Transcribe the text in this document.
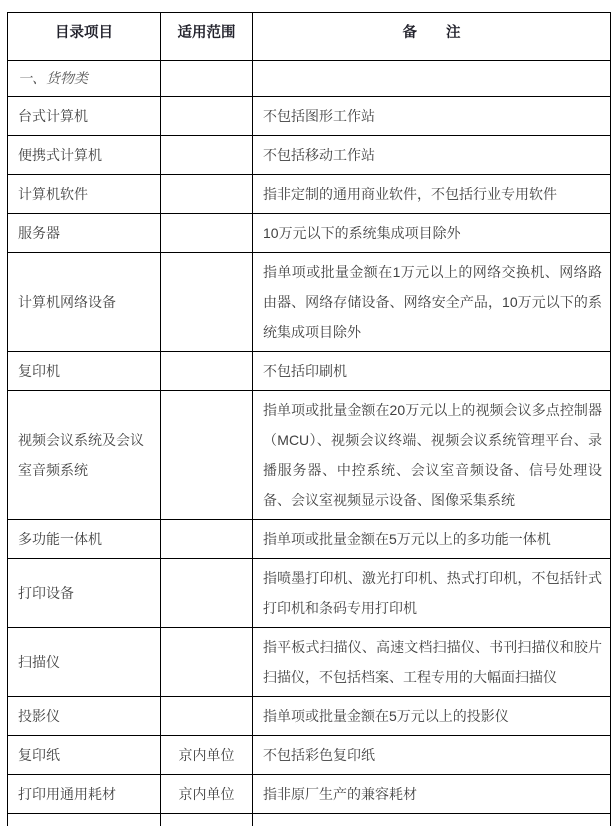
目录项目	适用范围	备　　注
一、货物类		
台式计算机		不包括图形工作站
便携式计算机		不包括移动工作站
计算机软件		指非定制的通用商业软件，不包括行业专用软件
服务器		10万元以下的系统集成项目除外
计算机网络设备		指单项或批量金额在1万元以上的网络交换机、网络路由器、网络存储设备、网络安全产品，10万元以下的系统集成项目除外
复印机		不包括印刷机
视频会议系统及会议室音频系统		指单项或批量金额在20万元以上的视频会议多点控制器（MCU）、视频会议终端、视频会议系统管理平台、录播服务器、中控系统、会议室音频设备、信号处理设备、会议室视频显示设备、图像采集系统
多功能一体机		指单项或批量金额在5万元以上的多功能一体机
打印设备		指喷墨打印机、激光打印机、热式打印机，不包括针式打印机和条码专用打印机
扫描仪		指平板式扫描仪、高速文档扫描仪、书刊扫描仪和胶片扫描仪，不包括档案、工程专用的大幅面扫描仪
投影仪		指单项或批量金额在5万元以上的投影仪
复印纸	京内单位	不包括彩色复印纸
打印用通用耗材	京内单位	指非原厂生产的兼容耗材
